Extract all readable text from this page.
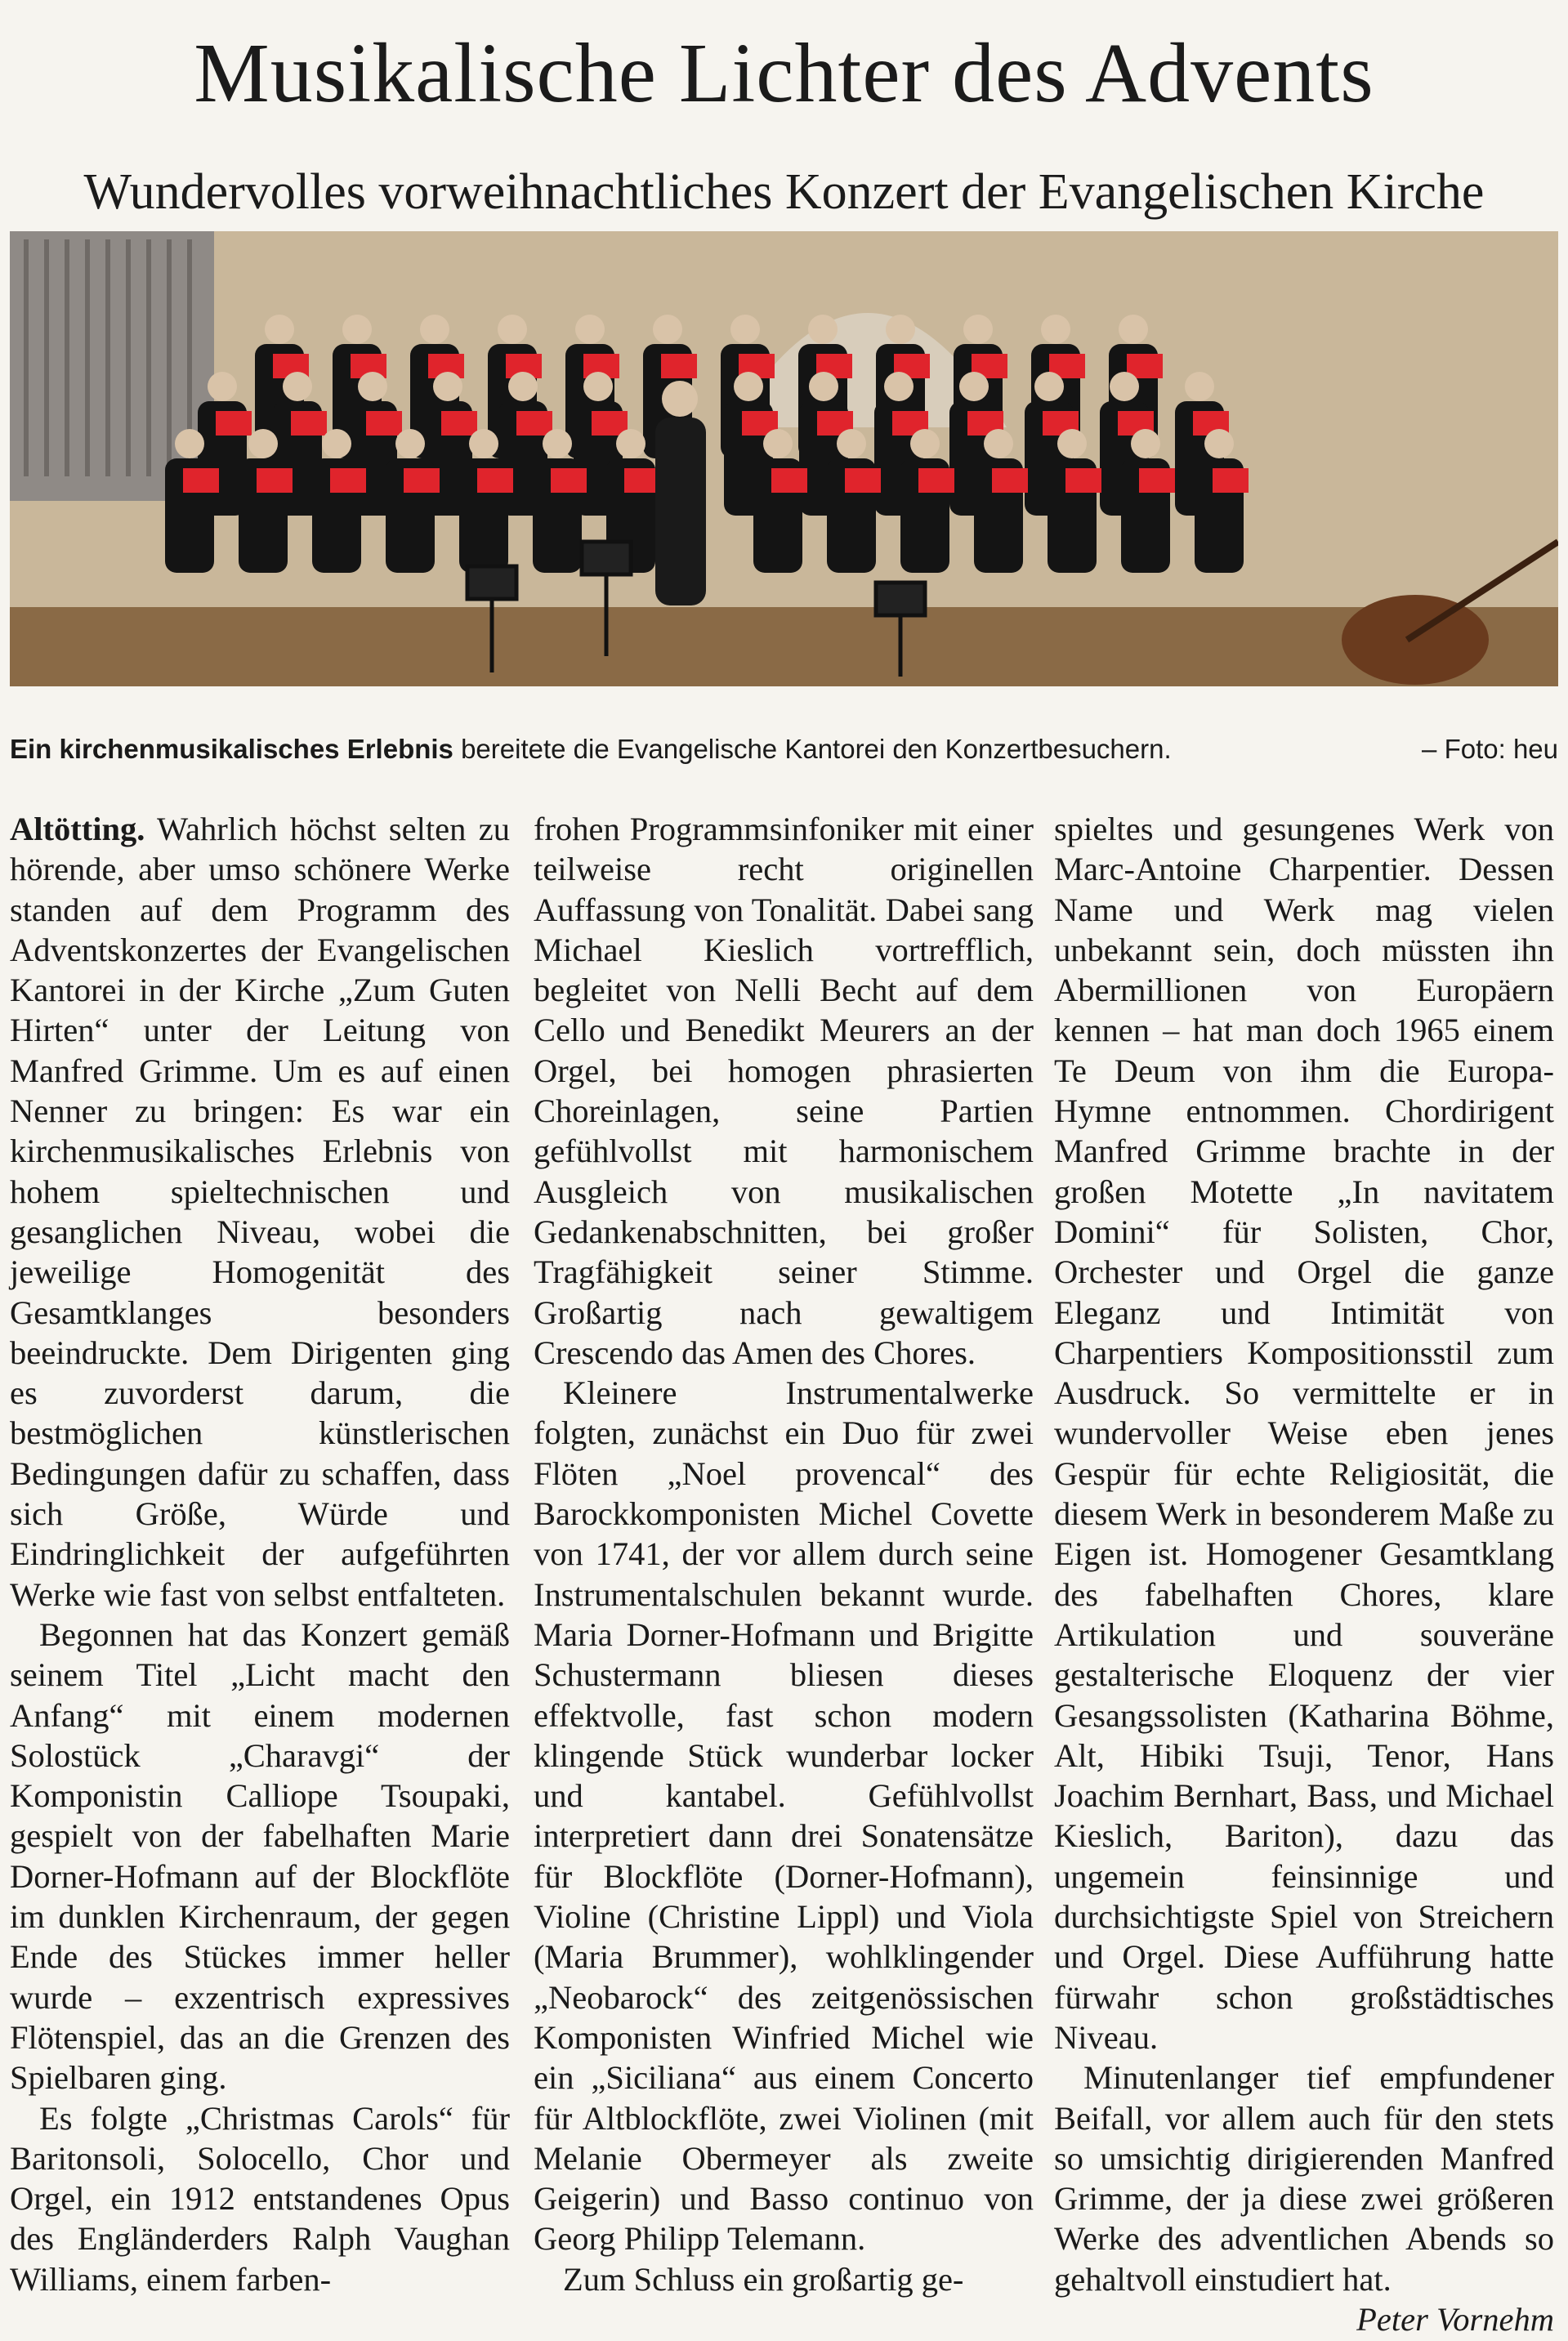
Musikalische Lichter des Advents
Wundervolles vorweihnachtliches Konzert der Evangelischen Kirche
Ein kirchenmusikalisches Erlebnis bereitete die Evangelische Kantorei den Konzertbesuchern.	– Foto: heu

Altötting. Wahrlich höchst selten zu hörende, aber umso schönere Werke standen auf dem Programm des Adventskonzertes der Evangelischen Kantorei in der Kirche „Zum Guten Hirten“ unter der Leitung von Manfred Grimme. Um es auf einen Nenner zu bringen: Es war ein kirchenmusikalisches Erlebnis von hohem spieltechnischen und gesanglichen Niveau, wobei die jeweilige Homogenität des Gesamtklanges besonders beeindruckte. Dem Dirigenten ging es zuvorderst darum, die bestmöglichen künstlerischen Bedingungen dafür zu schaffen, dass sich Größe, Würde und Eindringlichkeit der aufgeführten Werke wie fast von selbst entfalteten.

Begonnen hat das Konzert gemäß seinem Titel „Licht macht den Anfang“ mit einem modernen Solostück „Charavgi“ der Komponistin Calliope Tsoupaki, gespielt von der fabelhaften Marie Dorner-Hofmann auf der Blockflöte im dunklen Kirchenraum, der gegen Ende des Stückes immer heller wurde – exzentrisch expressives Flötenspiel, das an die Grenzen des Spielbaren ging.

Es folgte „Christmas Carols“ für Baritonsoli, Solocello, Chor und Orgel, ein 1912 entstandenes Opus des Engländerders Ralph Vaughan Williams, einem farben-

frohen Programmsinfoniker mit einer teilweise recht originellen Auffassung von Tonalität. Dabei sang Michael Kieslich vortrefflich, begleitet von Nelli Becht auf dem Cello und Benedikt Meurers an der Orgel, bei homogen phrasierten Choreinlagen, seine Partien gefühlvollst mit harmonischem Ausgleich von musikalischen Gedankenabschnitten, bei großer Tragfähigkeit seiner Stimme. Großartig nach gewaltigem Crescendo das Amen des Chores.

Kleinere Instrumentalwerke folgten, zunächst ein Duo für zwei Flöten „Noel provencal“ des Barockkomponisten Michel Covette von 1741, der vor allem durch seine Instrumentalschulen bekannt wurde. Maria Dorner-Hofmann und Brigitte Schustermann bliesen dieses effektvolle, fast schon modern klingende Stück wunderbar locker und kantabel. Gefühlvollst interpretiert dann drei Sonatensätze für Blockflöte (Dorner-Hofmann), Violine (Christine Lippl) und Viola (Maria Brummer), wohlklingender „Neobarock“ des zeitgenössischen Komponisten Winfried Michel wie ein „Siciliana“ aus einem Concerto für Altblockflöte, zwei Violinen (mit Melanie Obermeyer als zweite Geigerin) und Basso continuo von Georg Philipp Telemann.

Zum Schluss ein großartig ge-

spieltes und gesungenes Werk von Marc-Antoine Charpentier. Dessen Name und Werk mag vielen unbekannt sein, doch müssten ihn Abermillionen von Europäern kennen – hat man doch 1965 einem Te Deum von ihm die Europa-Hymne entnommen. Chordirigent Manfred Grimme brachte in der großen Motette „In navitatem Domini“ für Solisten, Chor, Orchester und Orgel die ganze Eleganz und Intimität von Charpentiers Kompositionsstil zum Ausdruck. So vermittelte er in wundervoller Weise eben jenes Gespür für echte Religiosität, die diesem Werk in besonderem Maße zu Eigen ist. Homogener Gesamtklang des fabelhaften Chores, klare Artikulation und souveräne gestalterische Eloquenz der vier Gesangssolisten (Katharina Böhme, Alt, Hibiki Tsuji, Tenor, Hans Joachim Bernhart, Bass, und Michael Kieslich, Bariton), dazu das ungemein feinsinnige und durchsichtigste Spiel von Streichern und Orgel. Diese Aufführung hatte fürwahr schon großstädtisches Niveau.

Minutenlanger tief empfundener Beifall, vor allem auch für den stets so umsichtig dirigierenden Manfred Grimme, der ja diese zwei größeren Werke des adventlichen Abends so gehaltvoll einstudiert hat.

Peter Vornehm
